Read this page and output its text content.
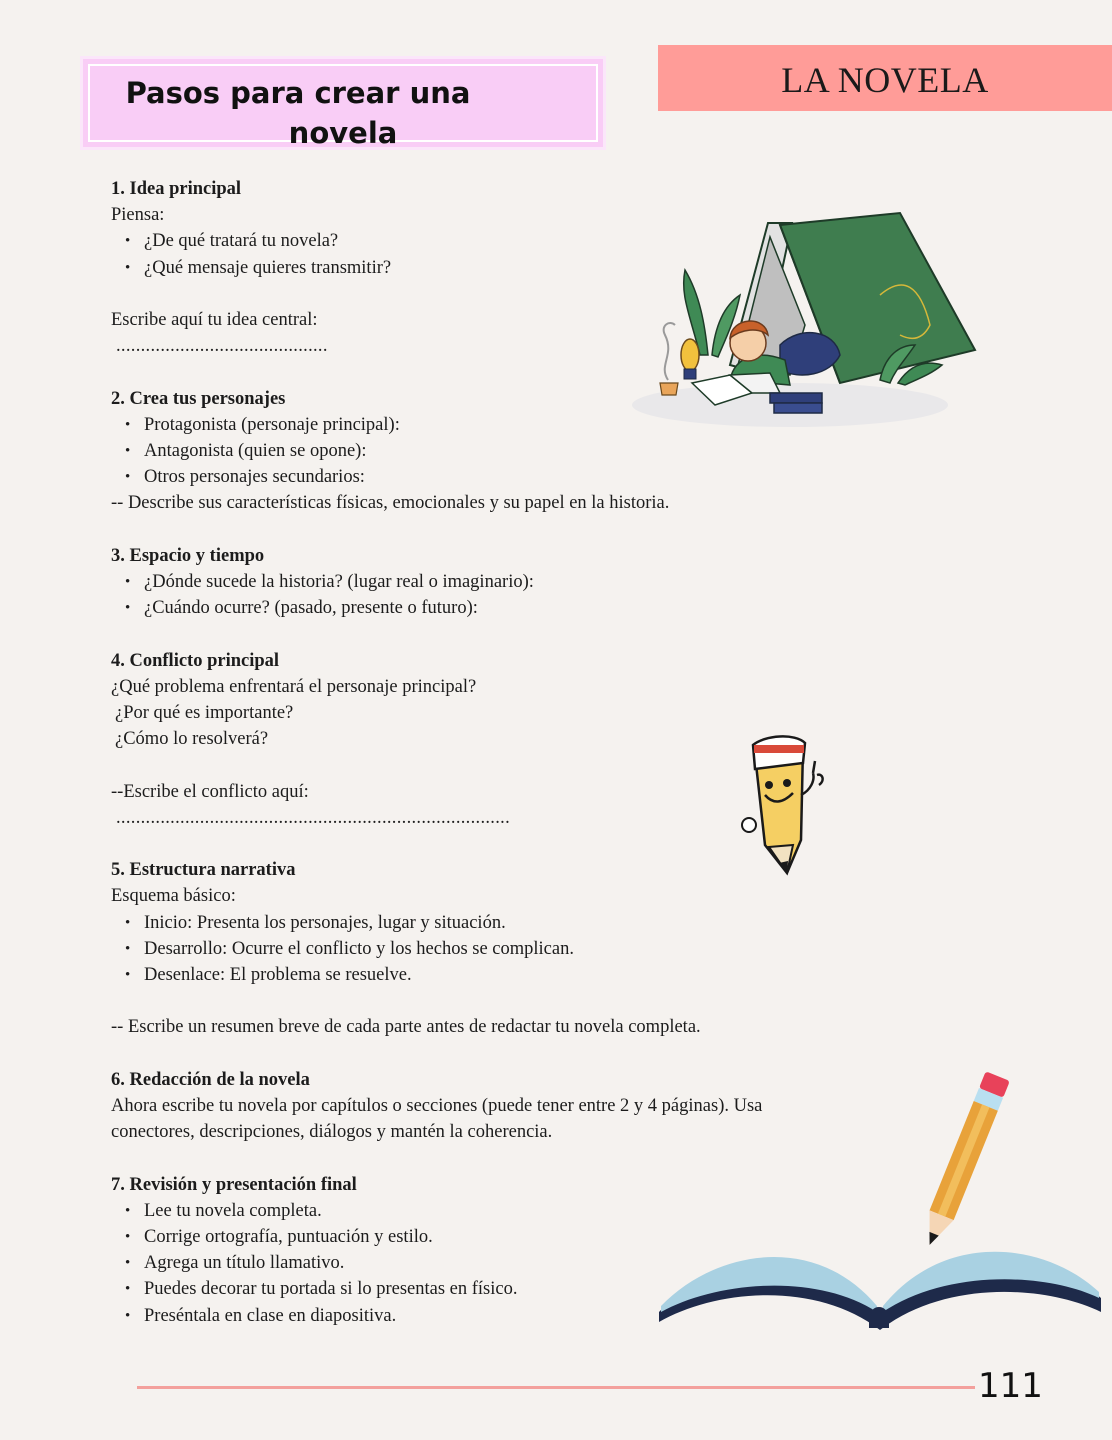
Pasos para crear una
novela
LA NOVELA

1. Idea principal

Piensa:

• ¿De qué tratará tu novela?
• ¿Qué mensaje quieres transmitir?

Escribe aquí tu idea central:

...........................................

2. Crea tus personajes

• Protagonista (personaje principal):
• Antagonista (quien se opone):
• Otros personajes secundarios:

-- Describe sus características físicas, emocionales y su papel en la historia.

3. Espacio y tiempo

• ¿Dónde sucede la historia? (lugar real o imaginario):
• ¿Cuándo ocurre? (pasado, presente o futuro):

4. Conflicto principal

¿Qué problema enfrentará el personaje principal?

¿Por qué es importante?

¿Cómo lo resolverá?

--Escribe el conflicto aquí:

................................................................................

5. Estructura narrativa

Esquema básico:

• Inicio: Presenta los personajes, lugar y situación.
• Desarrollo: Ocurre el conflicto y los hechos se complican.
• Desenlace: El problema se resuelve.

-- Escribe un resumen breve de cada parte antes de redactar tu novela completa.

6. Redacción de la novela

Ahora escribe tu novela por capítulos o secciones (puede tener entre 2 y 4 páginas). Usa

conectores, descripciones, diálogos y mantén la coherencia.

7. Revisión y presentación final

• Lee tu novela completa.
• Corrige ortografía, puntuación y estilo.
• Agrega un título llamativo.
• Puedes decorar tu portada si lo presentas en físico.
• Preséntala en clase en diapositiva.
111
